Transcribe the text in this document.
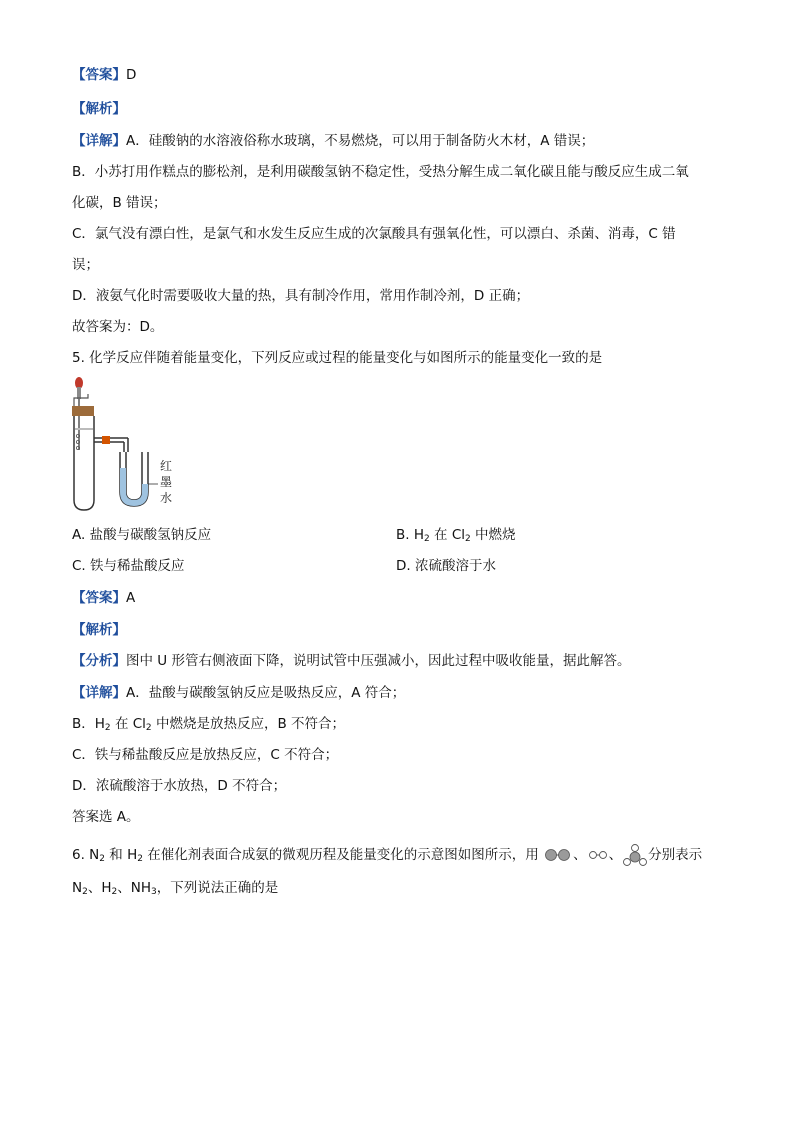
【答案】D
【解析】
【详解】A．硅酸钠的水溶液俗称水玻璃，不易燃烧，可以用于制备防火木材，A 错误；
B．小苏打用作糕点的膨松剂，是利用碳酸氢钠不稳定性，受热分解生成二氧化碳且能与酸反应生成二氧
化碳，B 错误；
C．氯气没有漂白性，是氯气和水发生反应生成的次氯酸具有强氧化性，可以漂白、杀菌、消毒，C 错
误；
D．液氨气化时需要吸收大量的热，具有制冷作用，常用作制冷剂，D 正确；
故答案为：D。
5. 化学反应伴随着能量变化，下列反应或过程的能量变化与如图所示的能量变化一致的是
红
墨
水
A. 盐酸与碳酸氢钠反应	B. $H_2$ 在 $Cl_2$ 中燃烧
C. 铁与稀盐酸反应	D. 浓硫酸溶于水
【答案】A
【解析】
【分析】图中 U 形管右侧液面下降，说明试管中压强减小，因此过程中吸收能量，据此解答。
【详解】A．盐酸与碳酸氢钠反应是吸热反应，A 符合；
B．$H_2$ 在 $Cl_2$ 中燃烧是放热反应，B 不符合；
C．铁与稀盐酸反应是放热反应，C 不符合；
D．浓硫酸溶于水放热，D 不符合；
答案选 A。
6. $N_2$ 和 $H_2$ 在催化剂表面合成氨的微观历程及能量变化的示意图如图所示，用	、 、 分别表示
$N_2$、$H_2$、$NH_3$，下列说法正确的是
